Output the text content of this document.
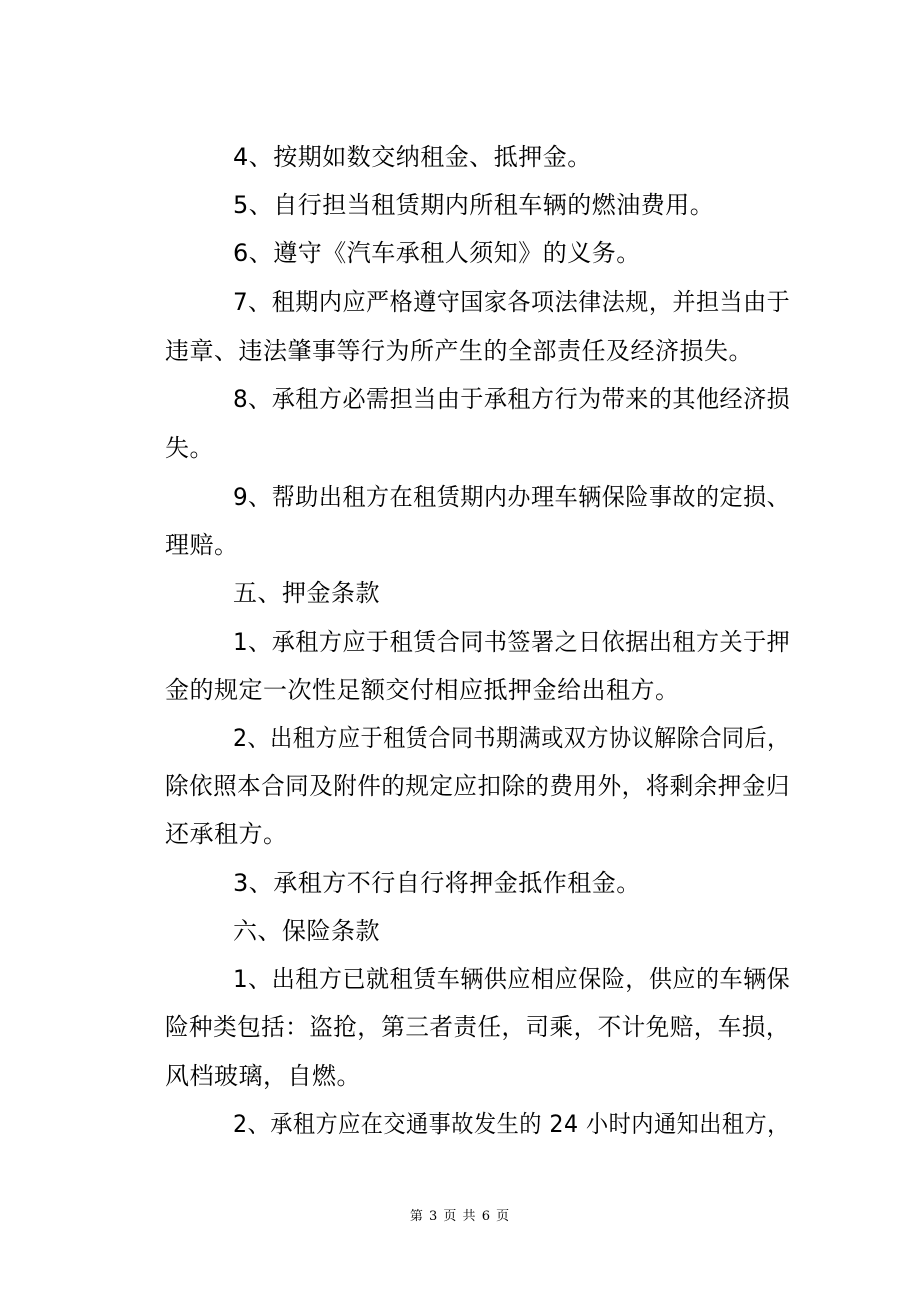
4、按期如数交纳租金、抵押金。
5、自行担当租赁期内所租车辆的燃油费用。
6、遵守《汽车承租人须知》的义务。
7、租期内应严格遵守国家各项法律法规，并担当由于
违章、违法肇事等行为所产生的全部责任及经济损失。
8、承租方必需担当由于承租方行为带来的其他经济损
失。
9、帮助出租方在租赁期内办理车辆保险事故的定损、
理赔。
五、押金条款
1、承租方应于租赁合同书签署之日依据出租方关于押
金的规定一次性足额交付相应抵押金给出租方。
2、出租方应于租赁合同书期满或双方协议解除合同后，
除依照本合同及附件的规定应扣除的费用外，将剩余押金归
还承租方。
3、承租方不行自行将押金抵作租金。
六、保险条款
1、出租方已就租赁车辆供应相应保险，供应的车辆保
险种类包括：盗抢，第三者责任，司乘，不计免赔，车损，
风档玻璃，自燃。
2、承租方应在交通事故发生的 24 小时内通知出租方，
第 3 页 共 6 页
